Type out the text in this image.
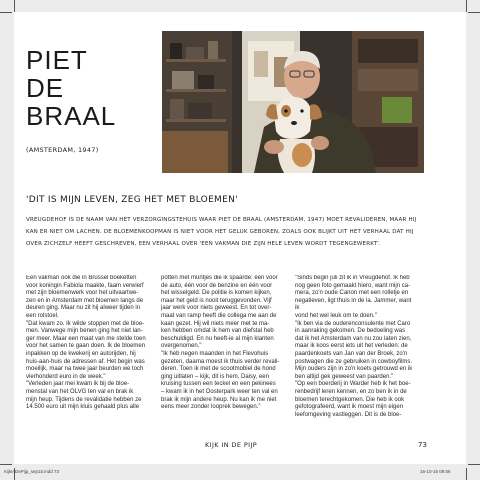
PIET
DE
BRAAL
(AMSTERDAM, 1947)
'DIT IS MIJN LEVEN, ZEG HET MET BLOEMEN'
VREUGDEHOF IS DE NAAM VAN HET VERZORGINGSTEHUIS WAAR PIET DE BRAAL (AMSTERDAM, 1947) MOET REVALIDEREN, MAAR HIJ KAN ER NIET OM LACHEN. DE BLOEMENKOOPMAN IS NIET VOOR HET GELUK GEBOREN, ZOALS OOK BLIJKT UIT HET VERHAAL DAT HIJ OVER ZICHZELF HEEFT GESCHREVEN, EEN VERHAAL OVER 'EEN VAKMAN DIE ZIJN HELE LEVEN WORDT TEGENGEWERKT'.
Een vakman ook die in Brussel boeketten
voor koningin Fabiola maakte, faam verwierf
met zijn bloemenwerk voor het uitvaartwe-
zen en in Amsterdam met bloemen langs de
deuren ging. Maar nu zit hij alweer tijden in
een rolstoel.
"Dat kwam zo. Ik wilde stoppen met de bloe-
men. Vanwege mijn benen ging het niet lan-
ger meer. Maar een maat van me stelde toen
voor het samen te gaan doen. Ik de bloemen
inpakken op de kwekerij en autorijden, hij
huis-aan-huis de adressen af. Het begin was
moeilijk, maar na twee jaar beurden we toch
vierhonderd euro in de week."
"Verleden jaar mei kwam ik bij de bloe-
menstal van het OLVG ten val en brak ik
mijn heup. Tijdens de revalidatie hebben ze
14.500 euro uit mijn kluis gehaald plus alle
potten met muntjes die ik spaarde: één voor
de auto, één voor de benzine en één voor
het wisselgeld. De politie is komen kijken,
maar het geld is nooit teruggevonden. Vijf
jaar werk voor niets geweest. En tot over-
maat van ramp heeft die collega me aan de
kaan gezet. Hij wil niets meer met te ma-
ken hebben omdat ik hem van diefstal heb
beschuldigd. En nu heeft-ie al mijn klanten
overgenomen."
"Ik heb negen maanden in het Flevohuis
gezeten, daarna moest ik thuis verder revali-
deren. Toen ik met de scootmobiel de hond
ging uitlaten – kijk, dit is hem, Daisy, een
kruising tussen een teckel en een pekinees
– kwam ik in het Oosterpark weer ten val en
brak ik mijn andere heup. Nu kan ik me niet
eens meer zonder looprek bewegen."
"Sinds begin juli zit ik in Vreugdehof. Ik heb
nog geen foto gemaakt hiero, want mijn ca-
mera, zo'n oude Canon met een rolletje en
negatieven, ligt thuis in de la. Jammer, want ik
vond het wel leuk om te doen."
"Ik ben via de ouderenconsulente met Caro
in aanraking gekomen. De bedoeling was
dat ik het Amsterdam van nu zou laten zien,
maar ik koos eerst iets uit het verleden: de
paardenkoets van Jan van der Broek, zo'n
postwagen die ze gebruiken in cowboyfilms.
Mijn ouders zijn in zo'n koets getrouwd en ik
ben altijd gek geweest van paarden."
"Op een boerderij in Warder heb ik het boe-
renbedrijf leren kennen, en zo ben ik in de
bloemen terechtgekomen. Die heb ik ook
gefotografeerd, want ik moest mijn eigen
leefomgeving vastleggen. Dit is de bloe-
KIJK IN DE PIJP	73
KijkInDePijp_sep15.indd 73	16-10-15 09:56
